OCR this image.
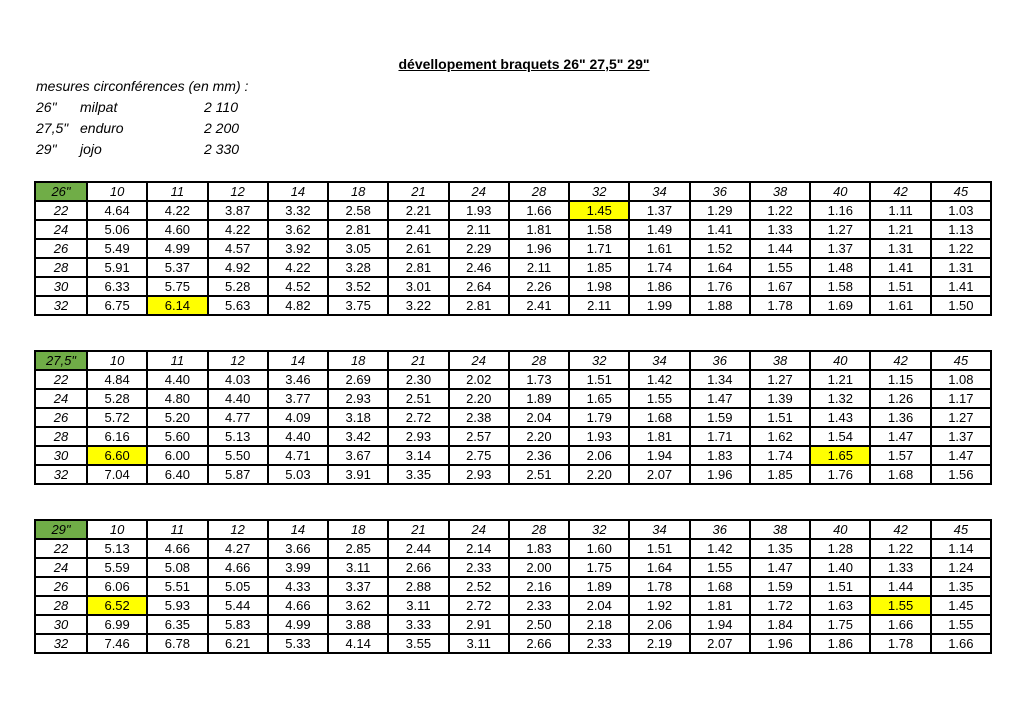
dévellopement braquets 26" 27,5" 29"
mesures circonférences (en mm) :
26" milpat	2 110
27,5" enduro	2 200
29" jojo	2 330
26"	10	11	12	14	18	21	24	28	32	34	36	38	40	42	45
22	4.64	4.22	3.87	3.32	2.58	2.21	1.93	1.66	1.45	1.37	1.29	1.22	1.16	1.11	1.03
24	5.06	4.60	4.22	3.62	2.81	2.41	2.11	1.81	1.58	1.49	1.41	1.33	1.27	1.21	1.13
26	5.49	4.99	4.57	3.92	3.05	2.61	2.29	1.96	1.71	1.61	1.52	1.44	1.37	1.31	1.22
28	5.91	5.37	4.92	4.22	3.28	2.81	2.46	2.11	1.85	1.74	1.64	1.55	1.48	1.41	1.31
30	6.33	5.75	5.28	4.52	3.52	3.01	2.64	2.26	1.98	1.86	1.76	1.67	1.58	1.51	1.41
32	6.75	6.14	5.63	4.82	3.75	3.22	2.81	2.41	2.11	1.99	1.88	1.78	1.69	1.61	1.50
27,5"	10	11	12	14	18	21	24	28	32	34	36	38	40	42	45
22	4.84	4.40	4.03	3.46	2.69	2.30	2.02	1.73	1.51	1.42	1.34	1.27	1.21	1.15	1.08
24	5.28	4.80	4.40	3.77	2.93	2.51	2.20	1.89	1.65	1.55	1.47	1.39	1.32	1.26	1.17
26	5.72	5.20	4.77	4.09	3.18	2.72	2.38	2.04	1.79	1.68	1.59	1.51	1.43	1.36	1.27
28	6.16	5.60	5.13	4.40	3.42	2.93	2.57	2.20	1.93	1.81	1.71	1.62	1.54	1.47	1.37
30	6.60	6.00	5.50	4.71	3.67	3.14	2.75	2.36	2.06	1.94	1.83	1.74	1.65	1.57	1.47
32	7.04	6.40	5.87	5.03	3.91	3.35	2.93	2.51	2.20	2.07	1.96	1.85	1.76	1.68	1.56
29"	10	11	12	14	18	21	24	28	32	34	36	38	40	42	45
22	5.13	4.66	4.27	3.66	2.85	2.44	2.14	1.83	1.60	1.51	1.42	1.35	1.28	1.22	1.14
24	5.59	5.08	4.66	3.99	3.11	2.66	2.33	2.00	1.75	1.64	1.55	1.47	1.40	1.33	1.24
26	6.06	5.51	5.05	4.33	3.37	2.88	2.52	2.16	1.89	1.78	1.68	1.59	1.51	1.44	1.35
28	6.52	5.93	5.44	4.66	3.62	3.11	2.72	2.33	2.04	1.92	1.81	1.72	1.63	1.55	1.45
30	6.99	6.35	5.83	4.99	3.88	3.33	2.91	2.50	2.18	2.06	1.94	1.84	1.75	1.66	1.55
32	7.46	6.78	6.21	5.33	4.14	3.55	3.11	2.66	2.33	2.19	2.07	1.96	1.86	1.78	1.66
